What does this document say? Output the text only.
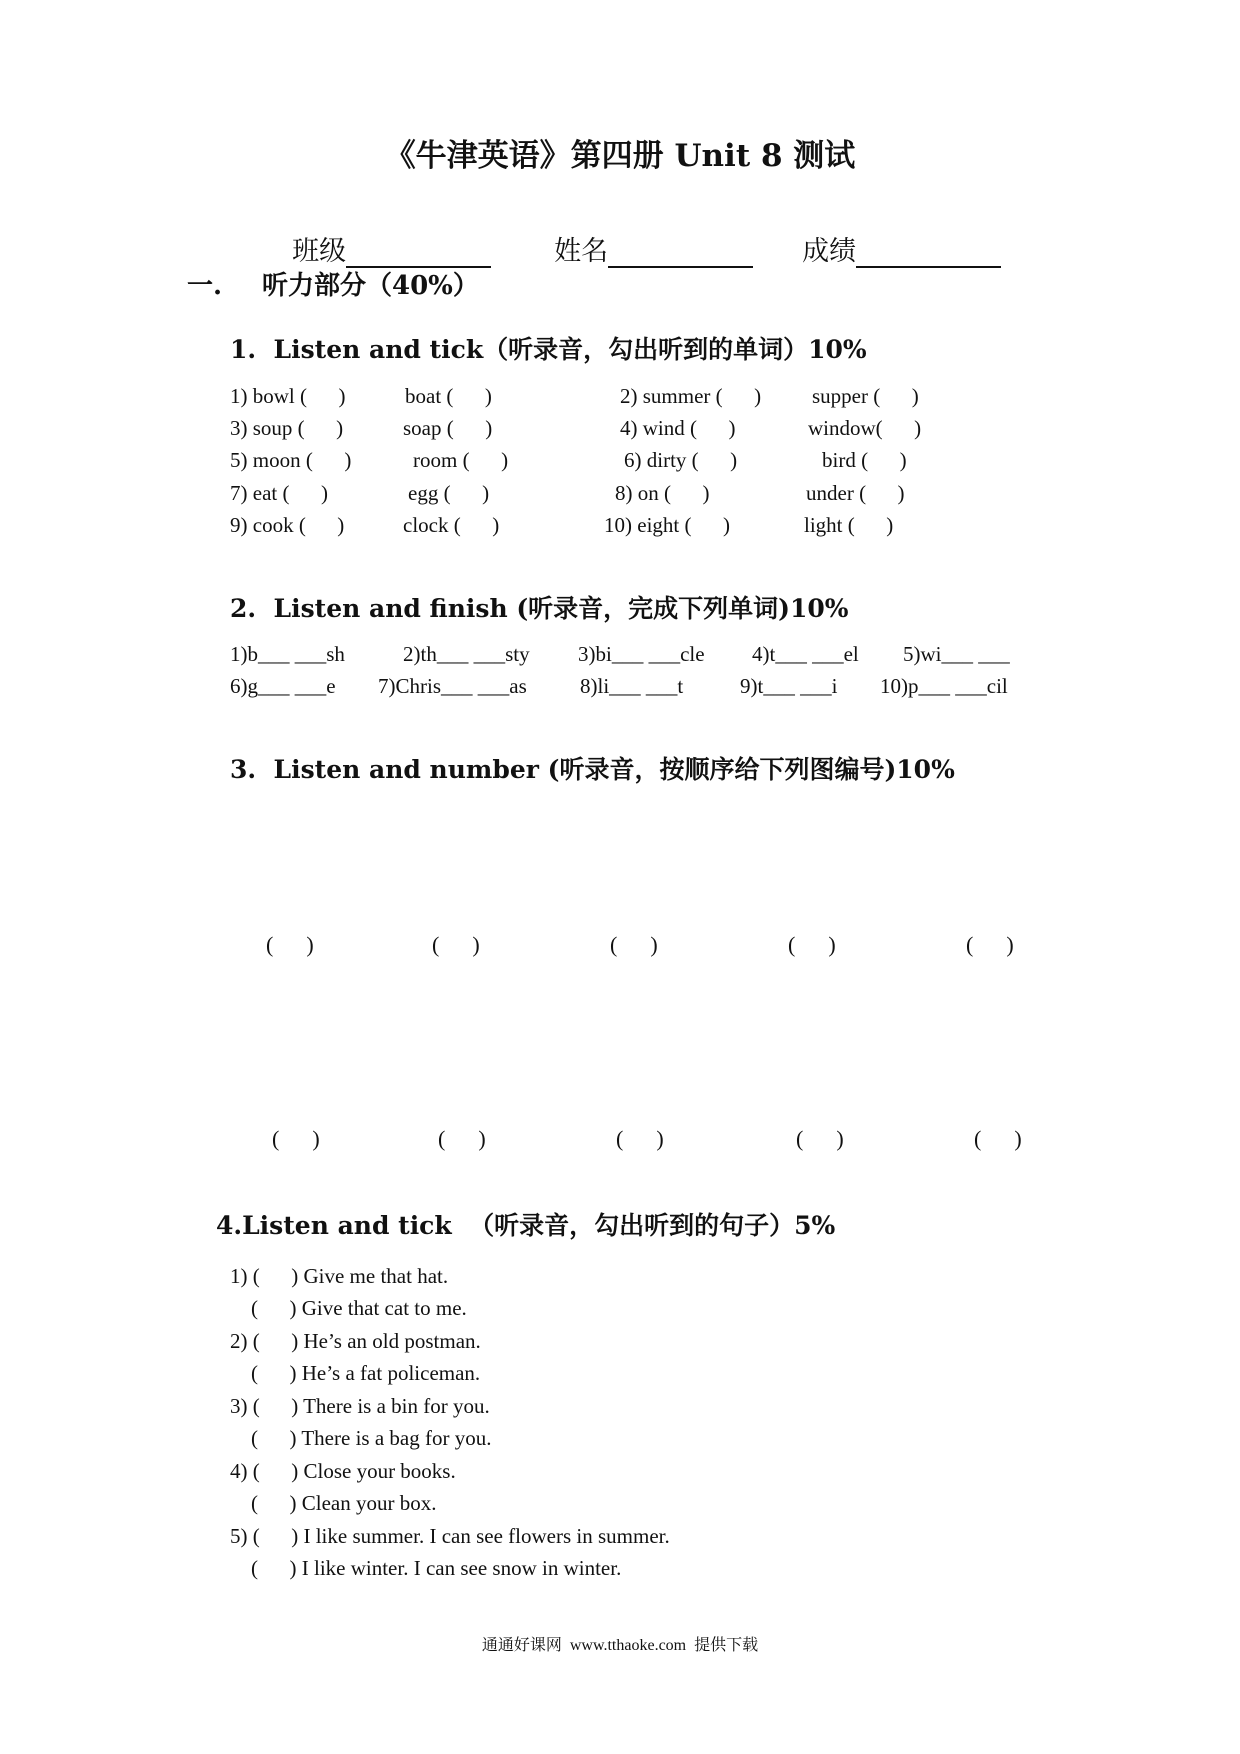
《牛津英语》第四册 Unit 8 测试

班级	姓名	成绩

一. 听力部分（40%）
1.  Listen and tick（听录音，勾出听到的单词）10%
1) bowl (      )	boat (      )	2) summer (      ) supper (      )
3) soup (      )	soap (      )	4) wind (      )	window(      )
5) moon (      )	room (      )	6) dirty (      )	bird (      )
7) eat (      )	egg (      )	8) on (      )	under (      )
9) cook (      )	clock (      )	10) eight (      )	light (      )
2.  Listen and finish (听录音，完成下列单词)10%
1)b___ ___sh	2)th___ ___sty 3)bi___ ___cle 4)t___ ___el 5)wi___ ___
6)g___ ___e 7)Chris___ ___as	8)li___ ___t	9)t___ ___i 10)p___ ___cil
3.  Listen and number (听录音，按顺序给下列图编号)10%
(      )	(      )	(      )	(      )	(      )
(      )	(      )	(      )	(      )	(      )
4.Listen and tick  （听录音，勾出听到的句子）5%
1) (      ) Give me that hat.
(      ) Give that cat to me.
2) (      ) He’s an old postman.
(      ) He’s a fat policeman.
3) (      ) There is a bin for you.
(      ) There is a bag for you.
4) (      ) Close your books.
(      ) Clean your box.
5) (      ) I like summer. I can see flowers in summer.
(      ) I like winter. I can see snow in winter.
通通好课网  www.tthaoke.com  提供下载
